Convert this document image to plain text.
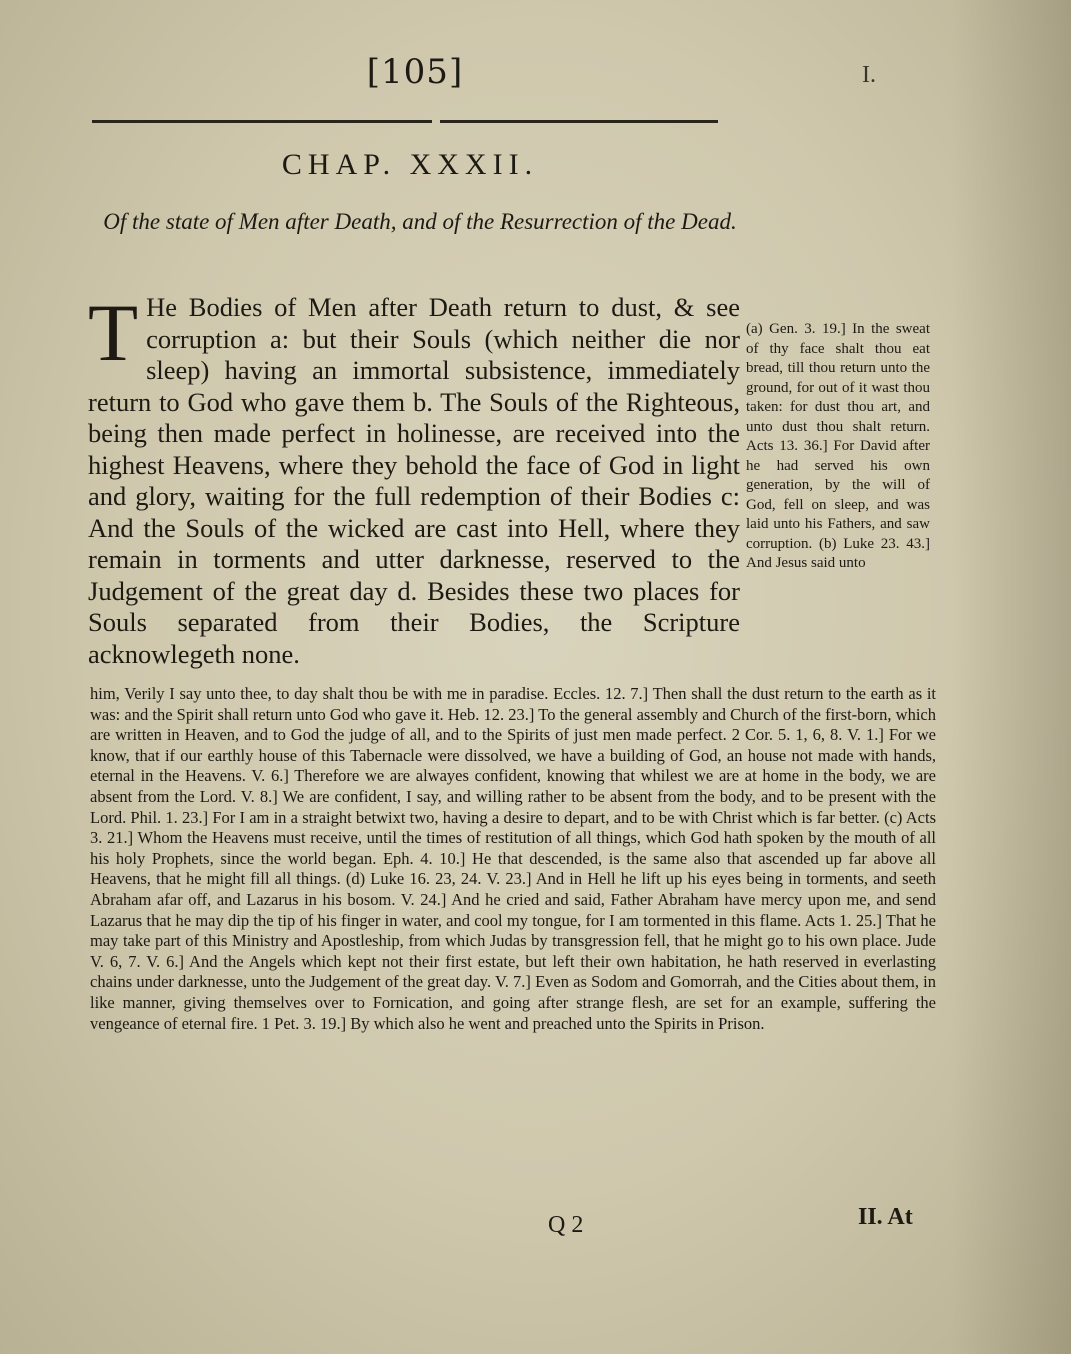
[105]	I.
CHAP. XXXII.
Of the state of Men after Death, and of the Resurrection of the Dead.
T He Bodies of Men after Death return to dust, & see corruption a: but their Souls (which neither die nor sleep) having an immortal subsistence, immediately return to God who gave them b. The Souls of the Righteous, being then made perfect in holinesse, are received into the highest Heavens, where they behold the face of God in light and glory, waiting for the full redemption of their Bodies c: And the Souls of the wicked are cast into Hell, where they remain in torments and utter darknesse, reserved to the Judgement of the great day d. Besides these two places for Souls separated from their Bodies, the Scripture acknowlegeth none.
(a) Gen. 3. 19.] In the sweat of thy face shalt thou eat bread, till thou return unto the ground, for out of it wast thou taken: for dust thou art, and unto dust thou shalt return. Acts 13. 36.] For David after he had served his own generation, by the will of God, fell on sleep, and was laid unto his Fathers, and saw corruption. (b) Luke 23. 43.] And Jesus said unto
him, Verily I say unto thee, to day shalt thou be with me in paradise. Eccles. 12. 7.] Then shall the dust return to the earth as it was: and the Spirit shall return unto God who gave it. Heb. 12. 23.] To the general assembly and Church of the first-born, which are written in Heaven, and to God the judge of all, and to the Spirits of just men made perfect. 2 Cor. 5. 1, 6, 8. V. 1.] For we know, that if our earthly house of this Tabernacle were dissolved, we have a building of God, an house not made with hands, eternal in the Heavens. V. 6.] Therefore we are alwayes confident, knowing that whilest we are at home in the body, we are absent from the Lord. V. 8.] We are confident, I say, and willing rather to be absent from the body, and to be present with the Lord. Phil. 1. 23.] For I am in a straight betwixt two, having a desire to depart, and to be with Christ which is far better. (c) Acts 3. 21.] Whom the Heavens must receive, until the times of restitution of all things, which God hath spoken by the mouth of all his holy Prophets, since the world began. Eph. 4. 10.] He that descended, is the same also that ascended up far above all Heavens, that he might fill all things. (d) Luke 16. 23, 24. V. 23.] And in Hell he lift up his eyes being in torments, and seeth Abraham afar off, and Lazarus in his bosom. V. 24.] And he cried and said, Father Abraham have mercy upon me, and send Lazarus that he may dip the tip of his finger in water, and cool my tongue, for I am tormented in this flame. Acts 1. 25.] That he may take part of this Ministry and Apostleship, from which Judas by transgression fell, that he might go to his own place. Jude V. 6, 7. V. 6.] And the Angels which kept not their first estate, but left their own habitation, he hath reserved in everlasting chains under darknesse, unto the Judgement of the great day. V. 7.] Even as Sodom and Gomorrah, and the Cities about them, in like manner, giving themselves over to Fornication, and going after strange flesh, are set for an example, suffering the vengeance of eternal fire. 1 Pet. 3. 19.] By which also he went and preached unto the Spirits in Prison.
Q 2	II. At
